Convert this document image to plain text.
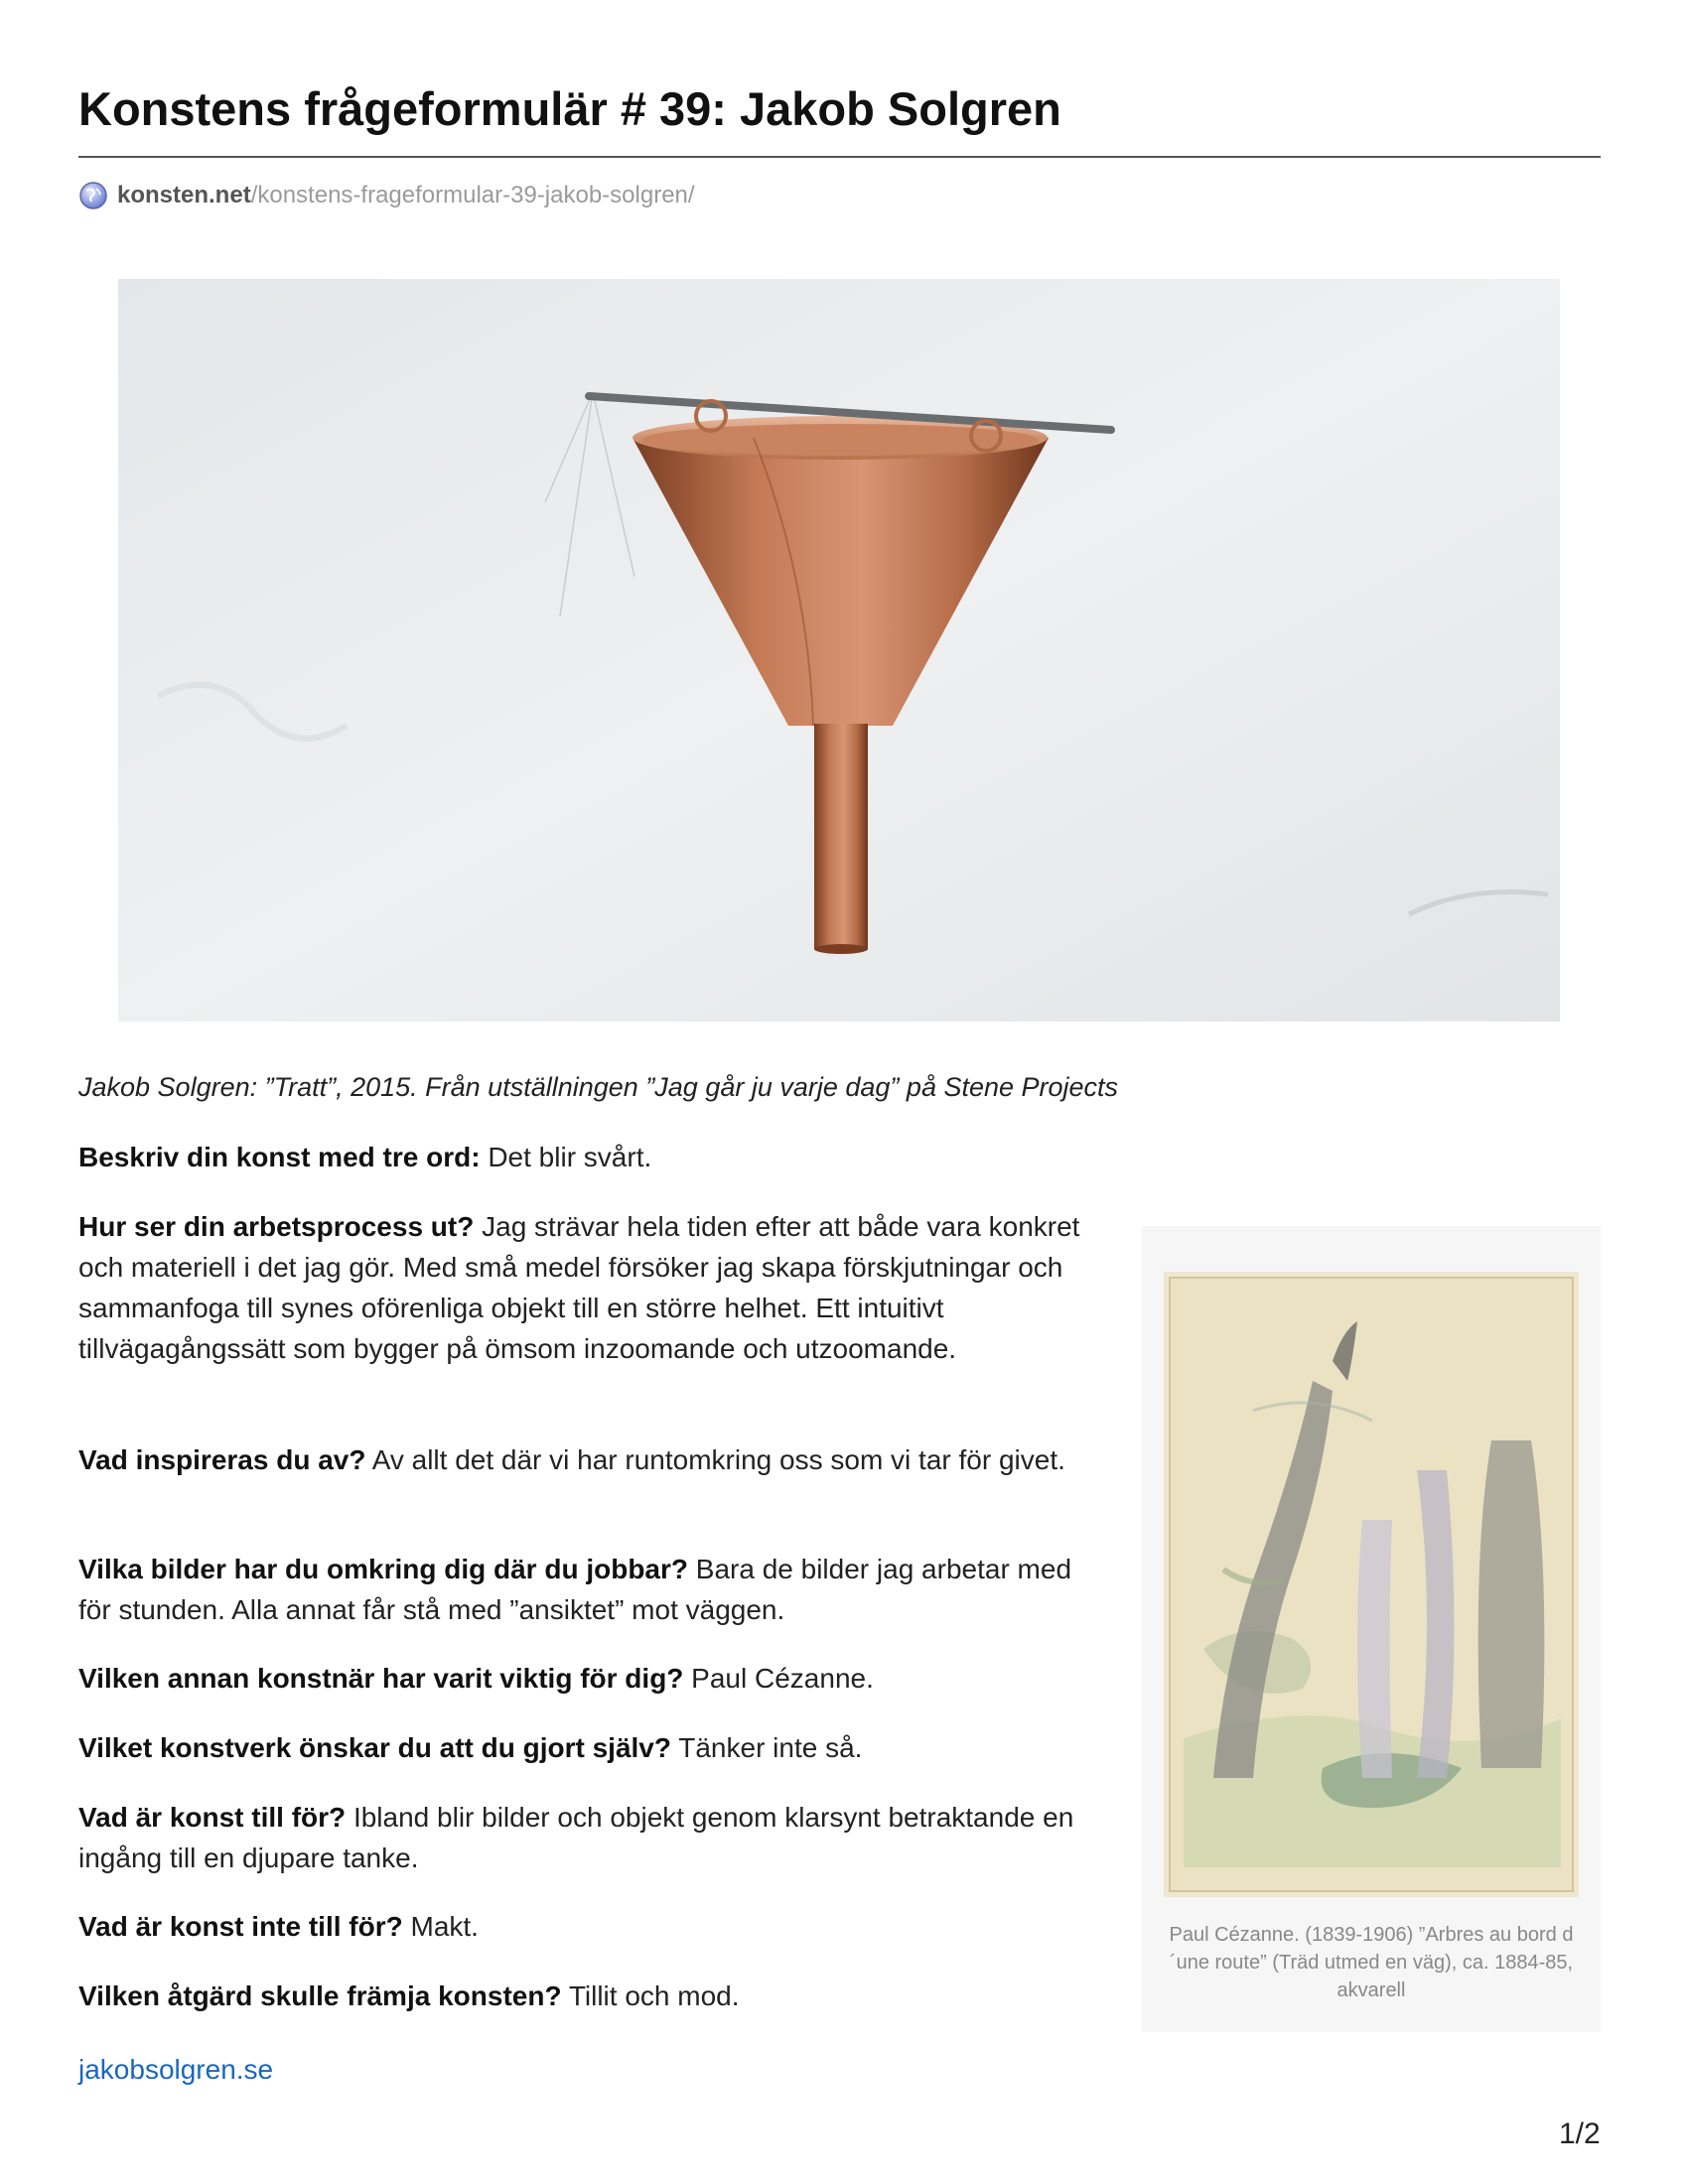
Konstens frågeformulär # 39: Jakob Solgren
konsten.net /konstens-frageformular-39-jakob-solgren/
Jakob Solgren: ”Tratt”, 2015. Från utställningen ”Jag går ju varje dag” på Stene Projects

Beskriv din konst med tre ord: Det blir svårt.

Hur ser din arbetsprocess ut? Jag strävar hela tiden efter att både vara konkret och materiell i det jag gör. Med små medel försöker jag skapa förskjutningar och sammanfoga till synes oförenliga objekt till en större helhet. Ett intuitivt tillvägagångssätt som bygger på ömsom inzoomande och utzoomande.

Vad inspireras du av? Av allt det där vi har runtomkring oss som vi tar för givet.

Vilka bilder har du omkring dig där du jobbar? Bara de bilder jag arbetar med för stunden. Alla annat får stå med ”ansiktet” mot väggen.

Vilken annan konstnär har varit viktig för dig? Paul Cézanne.

Vilket konstverk önskar du att du gjort själv? Tänker inte så.

Vad är konst till för? Ibland blir bilder och objekt genom klarsynt betraktande en ingång till en djupare tanke.

Vad är konst inte till för? Makt.

Vilken åtgärd skulle främja konsten? Tillit och mod.

Paul Cézanne. (1839-1906) ”Arbres au bord d´une route” (Träd utmed en väg), ca. 1884-85, akvarell
jakobsolgren.se
1/2
